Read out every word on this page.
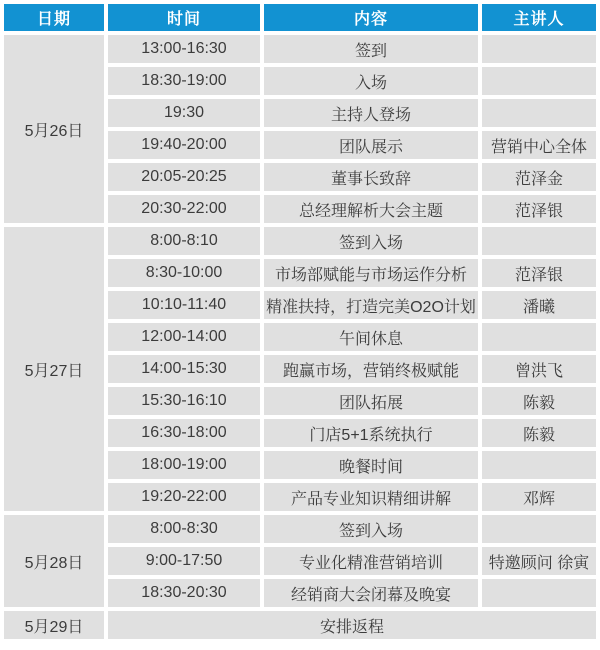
日期	时间	内容	主讲人
5月26日	13:00-16:30	签到	
	18:30-19:00	入场	
	19:30	主持人登场	
	19:40-20:00	团队展示	营销中心全体
	20:05-20:25	董事长致辞	范泽金
	20:30-22:00	总经理解析大会主题	范泽银
5月27日	8:00-8:10	签到入场	
	8:30-10:00	市场部赋能与市场运作分析	范泽银
	10:10-11:40	精准扶持，打造完美O2O计划	潘曦
	12:00-14:00	午间休息	
	14:00-15:30	跑赢市场，营销终极赋能	曾洪飞
	15:30-16:10	团队拓展	陈毅
	16:30-18:00	门店5+1系统执行	陈毅
	18:00-19:00	晚餐时间	
	19:20-22:00	产品专业知识精细讲解	邓辉
5月28日	8:00-8:30	签到入场	
	9:00-17:50	专业化精准营销培训	特邀顾问 徐寅
	18:30-20:30	经销商大会闭幕及晚宴	
5月29日	安排返程		
